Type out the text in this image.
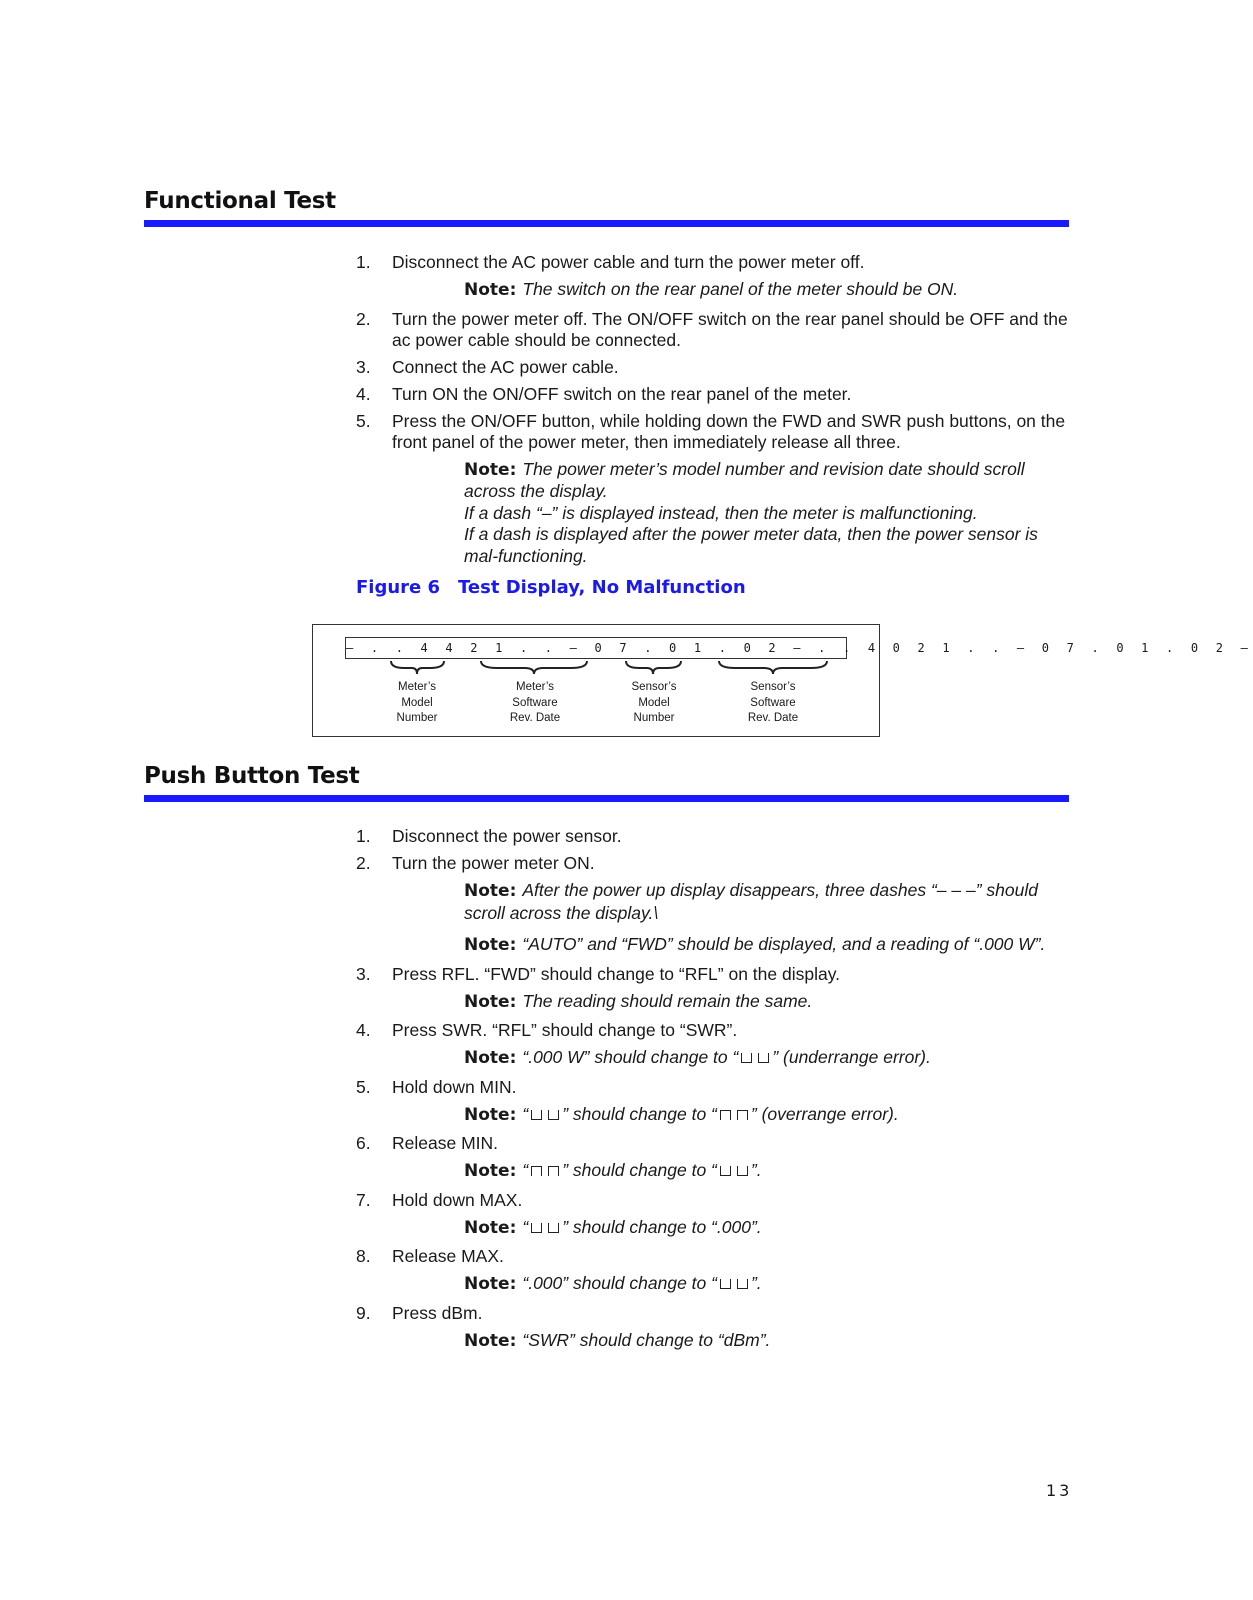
Functional Test
1.	Disconnect the AC power cable and turn the power meter off.
Note: The switch on the rear panel of the meter should be ON.
2.	Turn the power meter off. The ON/OFF switch on the rear panel should be OFF and the ac power cable should be connected.
3.	Connect the AC power cable.
4.	Turn ON the ON/OFF switch on the rear panel of the meter.
5.	Press the ON/OFF button, while holding down the FWD and SWR push buttons, on the front panel of the power meter, then immediately release all three.
Note: The power meter’s model number and revision date should scroll across the display.
If a dash “–” is displayed instead, then the meter is malfunctioning.
If a dash is displayed after the power meter data, then the power sensor is mal-functioning.
Figure 6 Test Display, No Malfunction
– . . 4 4 2 1 . . – 0 7 . 0 1 . 0 2 – . . 4 0 2 1 . . – 0 7 . 0 1 . 0 2 –
Meter’s
Model
Number
Meter’s
Software
Rev. Date
Sensor’s
Model
Number
Sensor’s
Software
Rev. Date
Push Button Test
1.	Disconnect the power sensor.
2.	Turn the power meter ON.
Note: After the power up display disappears, three dashes “– – –” should scroll across the display.\
Note: “AUTO” and “FWD” should be displayed, and a reading of “.000 W”.
3.	Press RFL. “FWD” should change to “RFL” on the display.
Note: The reading should remain the same.
4.	Press SWR. “RFL” should change to “SWR”.
Note: “.000 W” should change to “ ” (underrange error).
5.	Hold down MIN.
Note: “ ” should change to “ ” (overrange error).
6.	Release MIN.
Note: “ ” should change to “ ”.
7.	Hold down MAX.
Note: “ ” should change to “.000”.
8.	Release MAX.
Note: “.000” should change to “ ”.
9.	Press dBm.
Note: “SWR” should change to “dBm”.
13
